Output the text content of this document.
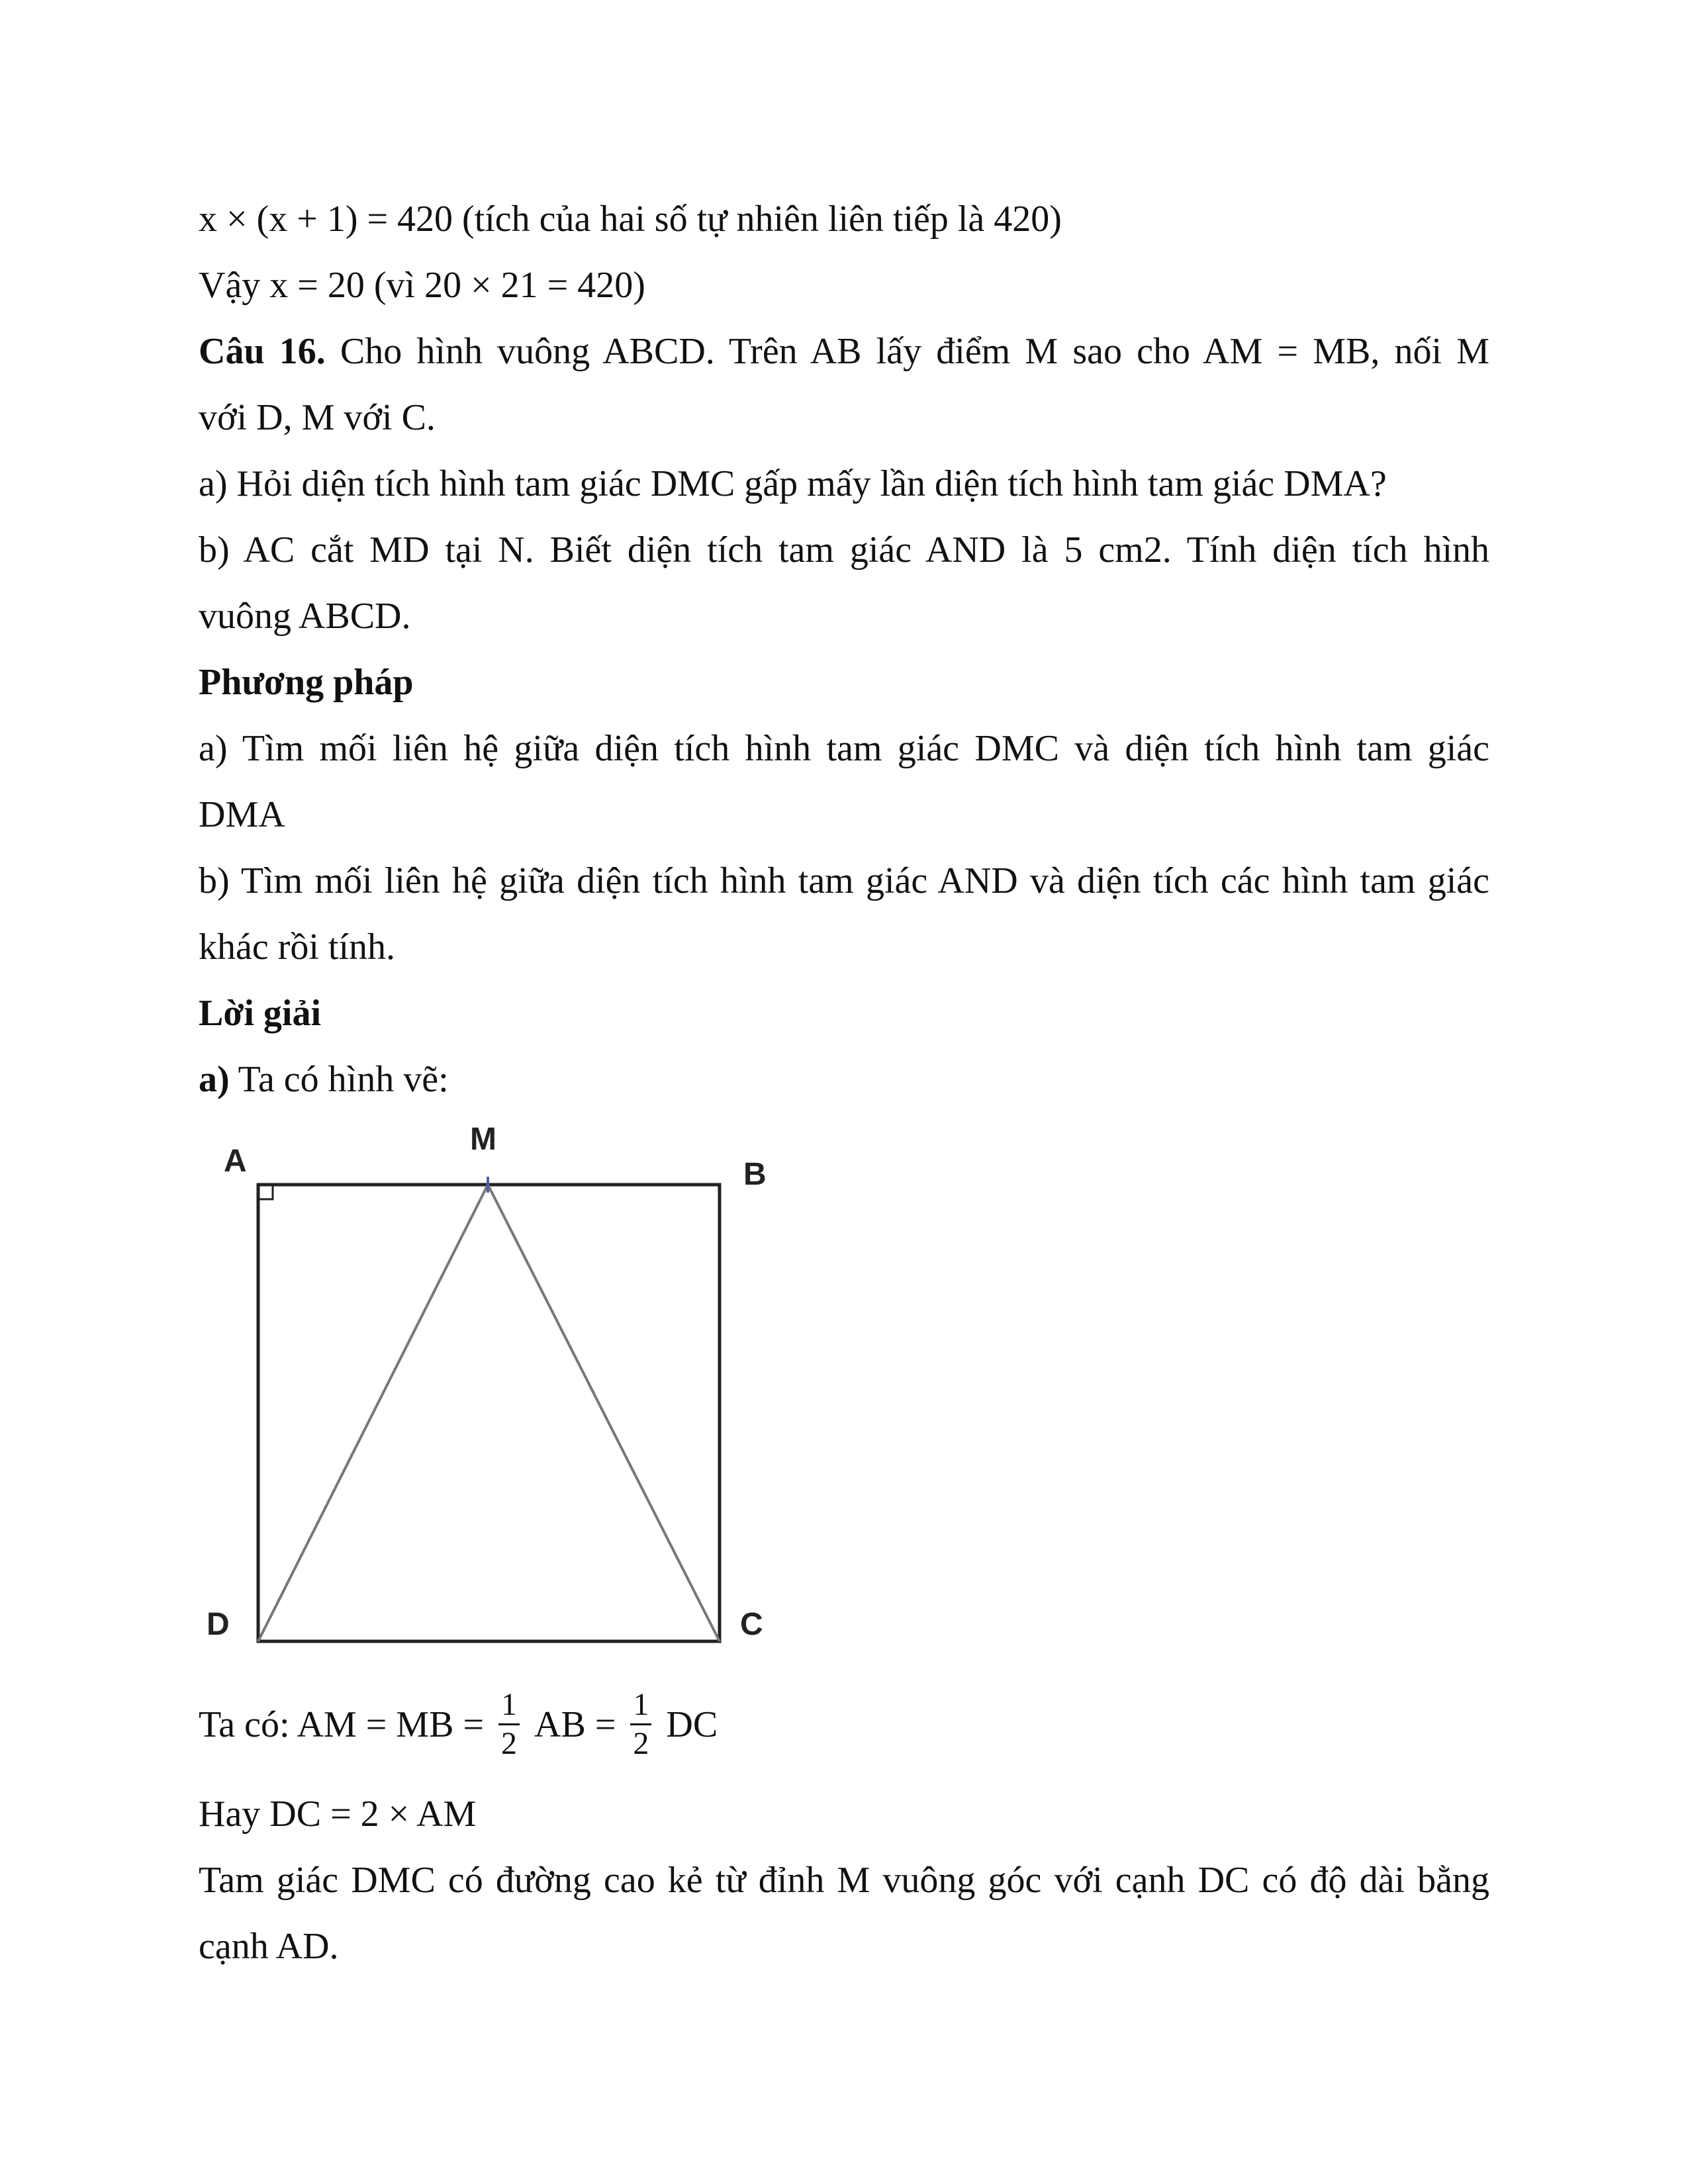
x × (x + 1) = 420 (tích của hai số tự nhiên liên tiếp là 420)
Vậy x = 20 (vì 20 × 21 = 420)
Câu 16. Cho hình vuông ABCD. Trên AB lấy điểm M sao cho AM = MB, nối M
với D, M với C.
a) Hỏi diện tích hình tam giác DMC gấp mấy lần diện tích hình tam giác DMA?
b) AC cắt MD tại N. Biết diện tích tam giác AND là 5 cm2. Tính diện tích hình
vuông ABCD.
Phương pháp
a) Tìm mối liên hệ giữa diện tích hình tam giác DMC và diện tích hình tam giác
DMA
b) Tìm mối liên hệ giữa diện tích hình tam giác AND và diện tích các hình tam giác
khác rồi tính.
Lời giải
a) Ta có hình vẽ:
A
M
B
D	C
Ta có: AM = MB = $\frac{1}{2}$ AB = $\frac{1}{2}$ DC
Hay DC = 2 × AM
Tam giác DMC có đường cao kẻ từ đỉnh M vuông góc với cạnh DC có độ dài bằng
cạnh AD.
